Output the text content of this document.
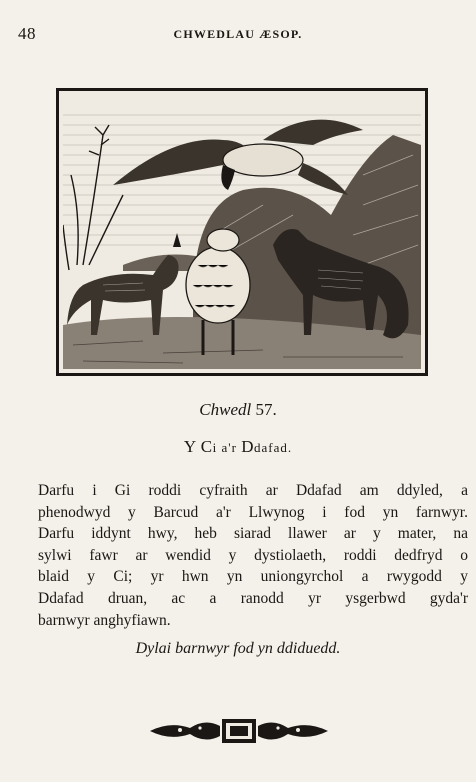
48	CHWEDLAU ÆSOP.
Chwedl 57.
Y Ci a'r Ddafad.
Darfu i Gi roddi cyfraith ar Ddafad am ddyled, a
phenodwyd y Barcud a'r Llwynog i fod yn farnwyr.
Darfu iddynt hwy, heb siarad llawer ar y mater, na
sylwi fawr ar wendid y dystiolaeth, roddi dedfryd o
blaid y Ci; yr hwn yn uniongyrchol a rwygodd y
Ddafad druan, ac a ranodd yr ysgerbwd gyda'r
barnwyr anghyfiawn.
Dylai barnwyr fod yn ddiduedd.
